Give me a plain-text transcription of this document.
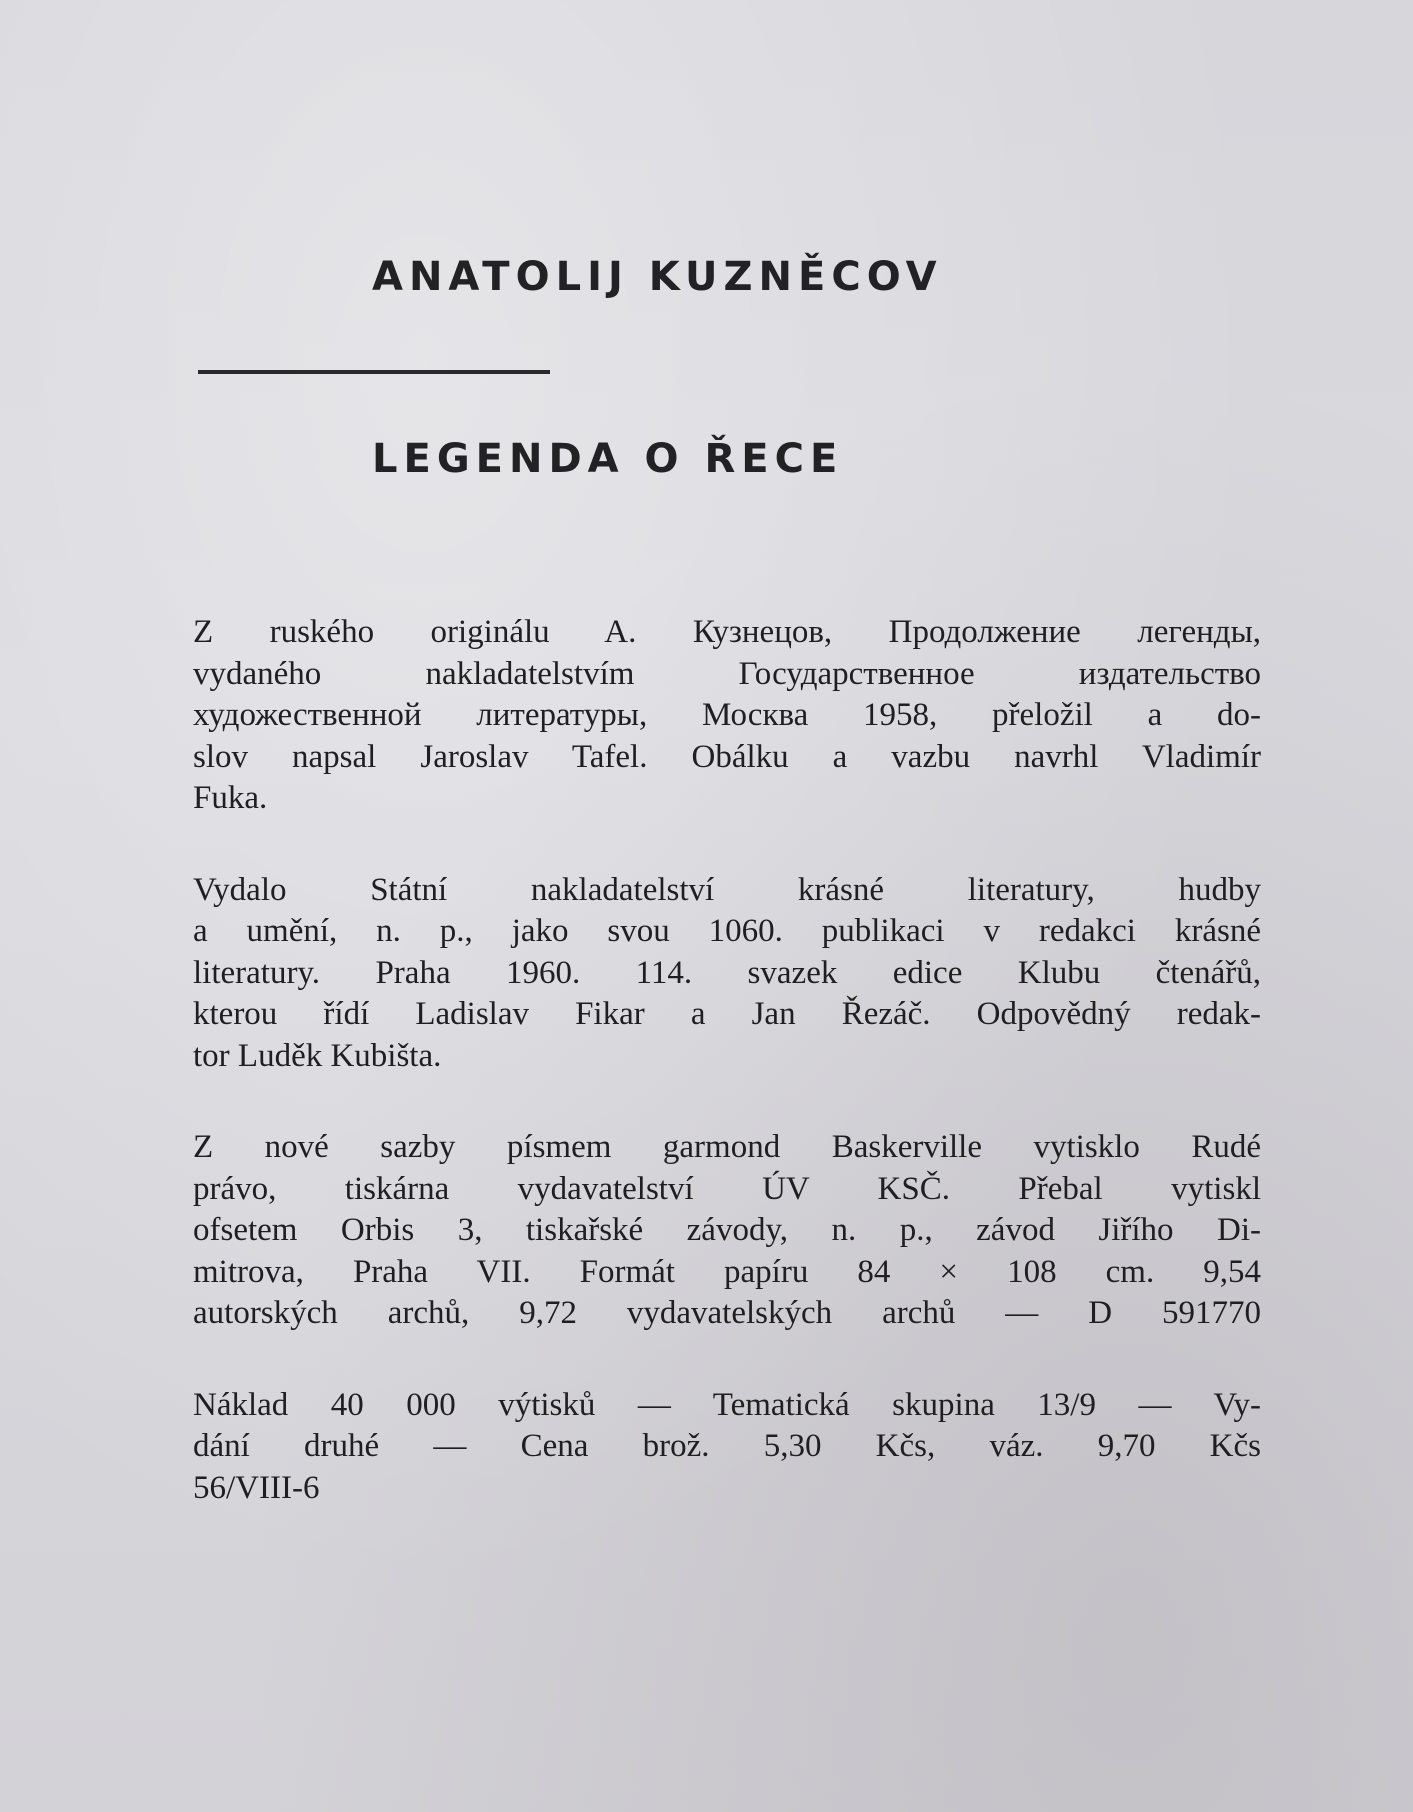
ANATOLIJ KUZNĚCOV
LEGENDA O ŘECE

Z ruského originálu A. Кузнецов, Продолжение легенды,
vydaného nakladatelstvím Государственное издательство
художественной литературы, Москва 1958, přeložil a do-
slov napsal Jaroslav Tafel. Obálku a vazbu navrhl Vladimír
Fuka.

Vydalo Státní nakladatelství krásné literatury, hudby
a umění, n. p., jako svou 1060. publikaci v redakci krásné
literatury. Praha 1960. 114. svazek edice Klubu čtenářů,
kterou řídí Ladislav Fikar a Jan Řezáč. Odpovědný redak-
tor Luděk Kubišta.

Z nové sazby písmem garmond Baskerville vytisklo Rudé
právo, tiskárna vydavatelství ÚV KSČ. Přebal vytiskl
ofsetem Orbis 3, tiskařské závody, n. p., závod Jiřího Di-
mitrova, Praha VII. Formát papíru 84 × 108 cm. 9,54
autorských archů, 9,72 vydavatelských archů — D 591770

Náklad 40 000 výtisků — Tematická skupina 13/9 — Vy-
dání druhé — Cena brož. 5,30 Kčs, váz. 9,70 Kčs
56/VIII-6
